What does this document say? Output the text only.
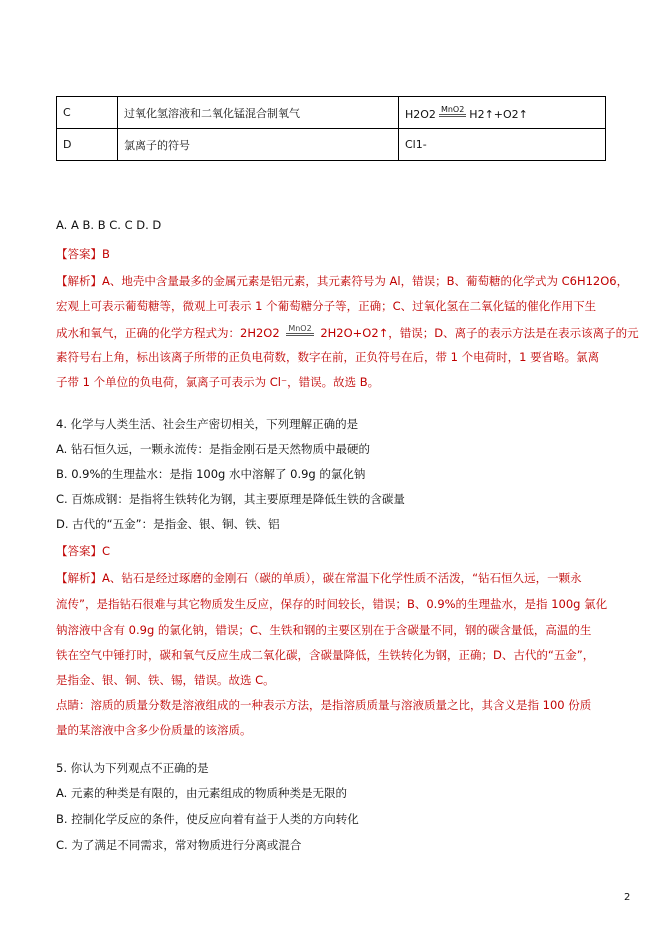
C	过氧化氢溶液和二氧化锰混合制氧气	H2O2 MnO2 H2↑+O2↑
D	氯离子的符号	Cl1-
A. A B. B C. C D. D
【答案】B
【解析】A、地壳中含量最多的金属元素是铝元素，其元素符号为 Al，错误；B、葡萄糖的化学式为 C6H12O6，
宏观上可表示葡萄糖等，微观上可表示 1 个葡萄糖分子等，正确；C、过氧化氢在二氧化锰的催化作用下生
成水和氧气，正确的化学方程式为：2H2O2 MnO2 2H2O+O2↑，错误；D、离子的表示方法是在表示该离子的元
素符号右上角，标出该离子所带的正负电荷数，数字在前，正负符号在后，带 1 个电荷时，1 要省略。氯离
子带 1 个单位的负电荷，氯离子可表示为 Cl⁻，错误。故选 B。
4. 化学与人类生活、社会生产密切相关，下列理解正确的是
A. 钻石恒久远，一颗永流传：是指金刚石是天然物质中最硬的
B. 0.9%的生理盐水：是指 100g 水中溶解了 0.9g 的氯化钠
C. 百炼成钢：是指将生铁转化为钢，其主要原理是降低生铁的含碳量
D. 古代的“五金”：是指金、银、铜、铁、铝
【答案】C
【解析】A、钻石是经过琢磨的金刚石（碳的单质），碳在常温下化学性质不活泼，“钻石恒久远，一颗永
流传”，是指钻石很难与其它物质发生反应，保存的时间较长，错误；B、0.9%的生理盐水，是指 100g 氯化
钠溶液中含有 0.9g 的氯化钠，错误；C、生铁和钢的主要区别在于含碳量不同，钢的碳含量低，高温的生
铁在空气中锤打时，碳和氧气反应生成二氧化碳，含碳量降低，生铁转化为钢，正确；D、古代的“五金”，
是指金、银、铜、铁、锡，错误。故选 C。
点睛：溶质的质量分数是溶液组成的一种表示方法，是指溶质质量与溶液质量之比，其含义是指 100 份质
量的某溶液中含多少份质量的该溶质。
5. 你认为下列观点不正确的是
A. 元素的种类是有限的，由元素组成的物质种类是无限的
B. 控制化学反应的条件，使反应向着有益于人类的方向转化
C. 为了满足不同需求，常对物质进行分离或混合
2
